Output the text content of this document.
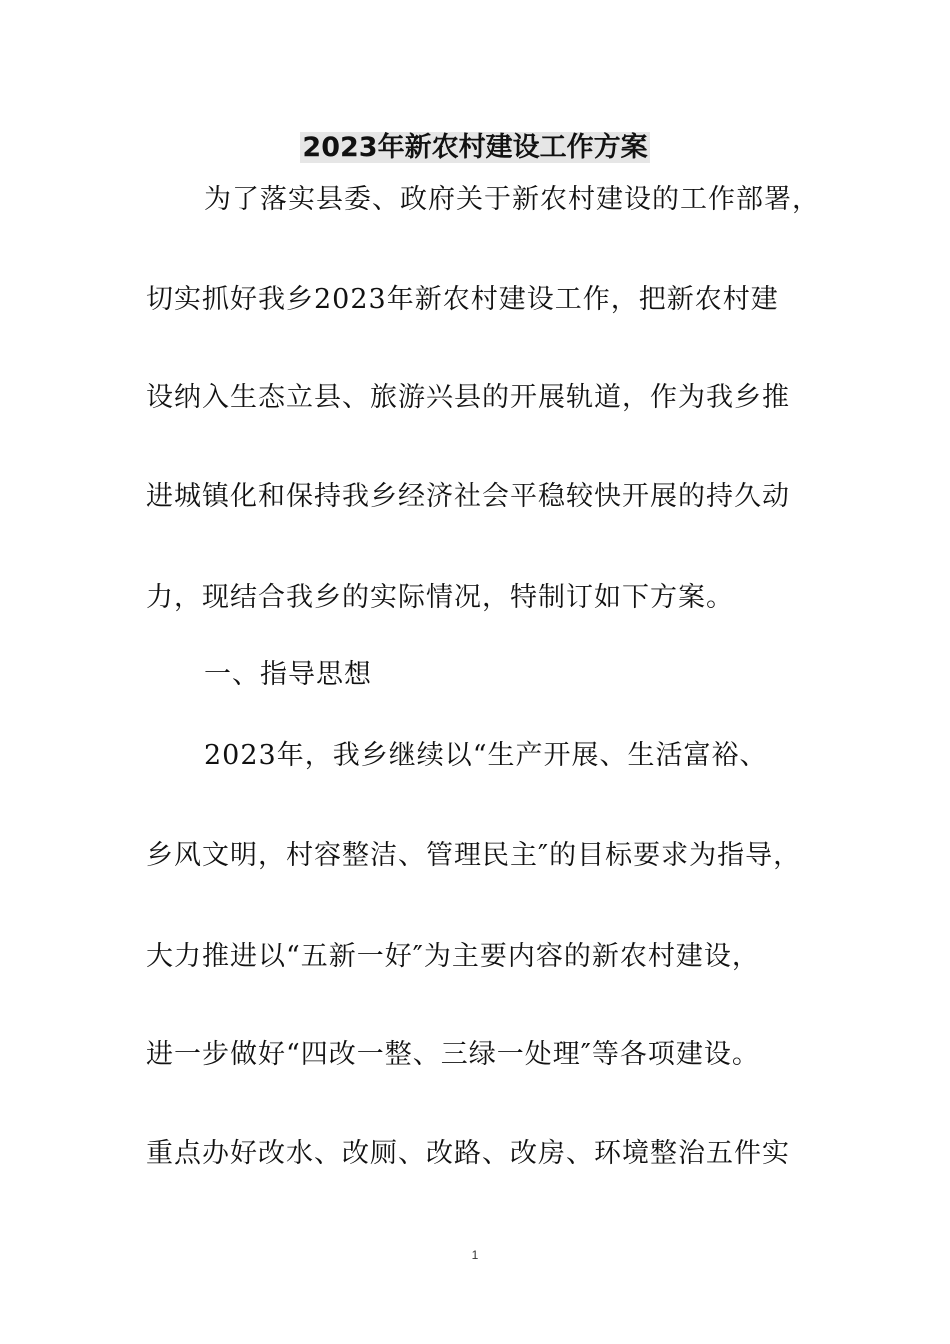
2023年新农村建设工作方案
为了落实县委、政府关于新农村建设的工作部署，
切实抓好我乡2023年新农村建设工作，把新农村建
设纳入生态立县、旅游兴县的开展轨道，作为我乡推
进城镇化和保持我乡经济社会平稳较快开展的持久动
力，现结合我乡的实际情况，特制订如下方案。
一、指导思想
2023年，我乡继续以“生产开展、生活富裕、
乡风文明，村容整洁、管理民主″的目标要求为指导，
大力推进以“五新一好″为主要内容的新农村建设，
进一步做好“四改一整、三绿一处理″等各项建设。
重点办好改水、改厕、改路、改房、环境整治五件实
1
